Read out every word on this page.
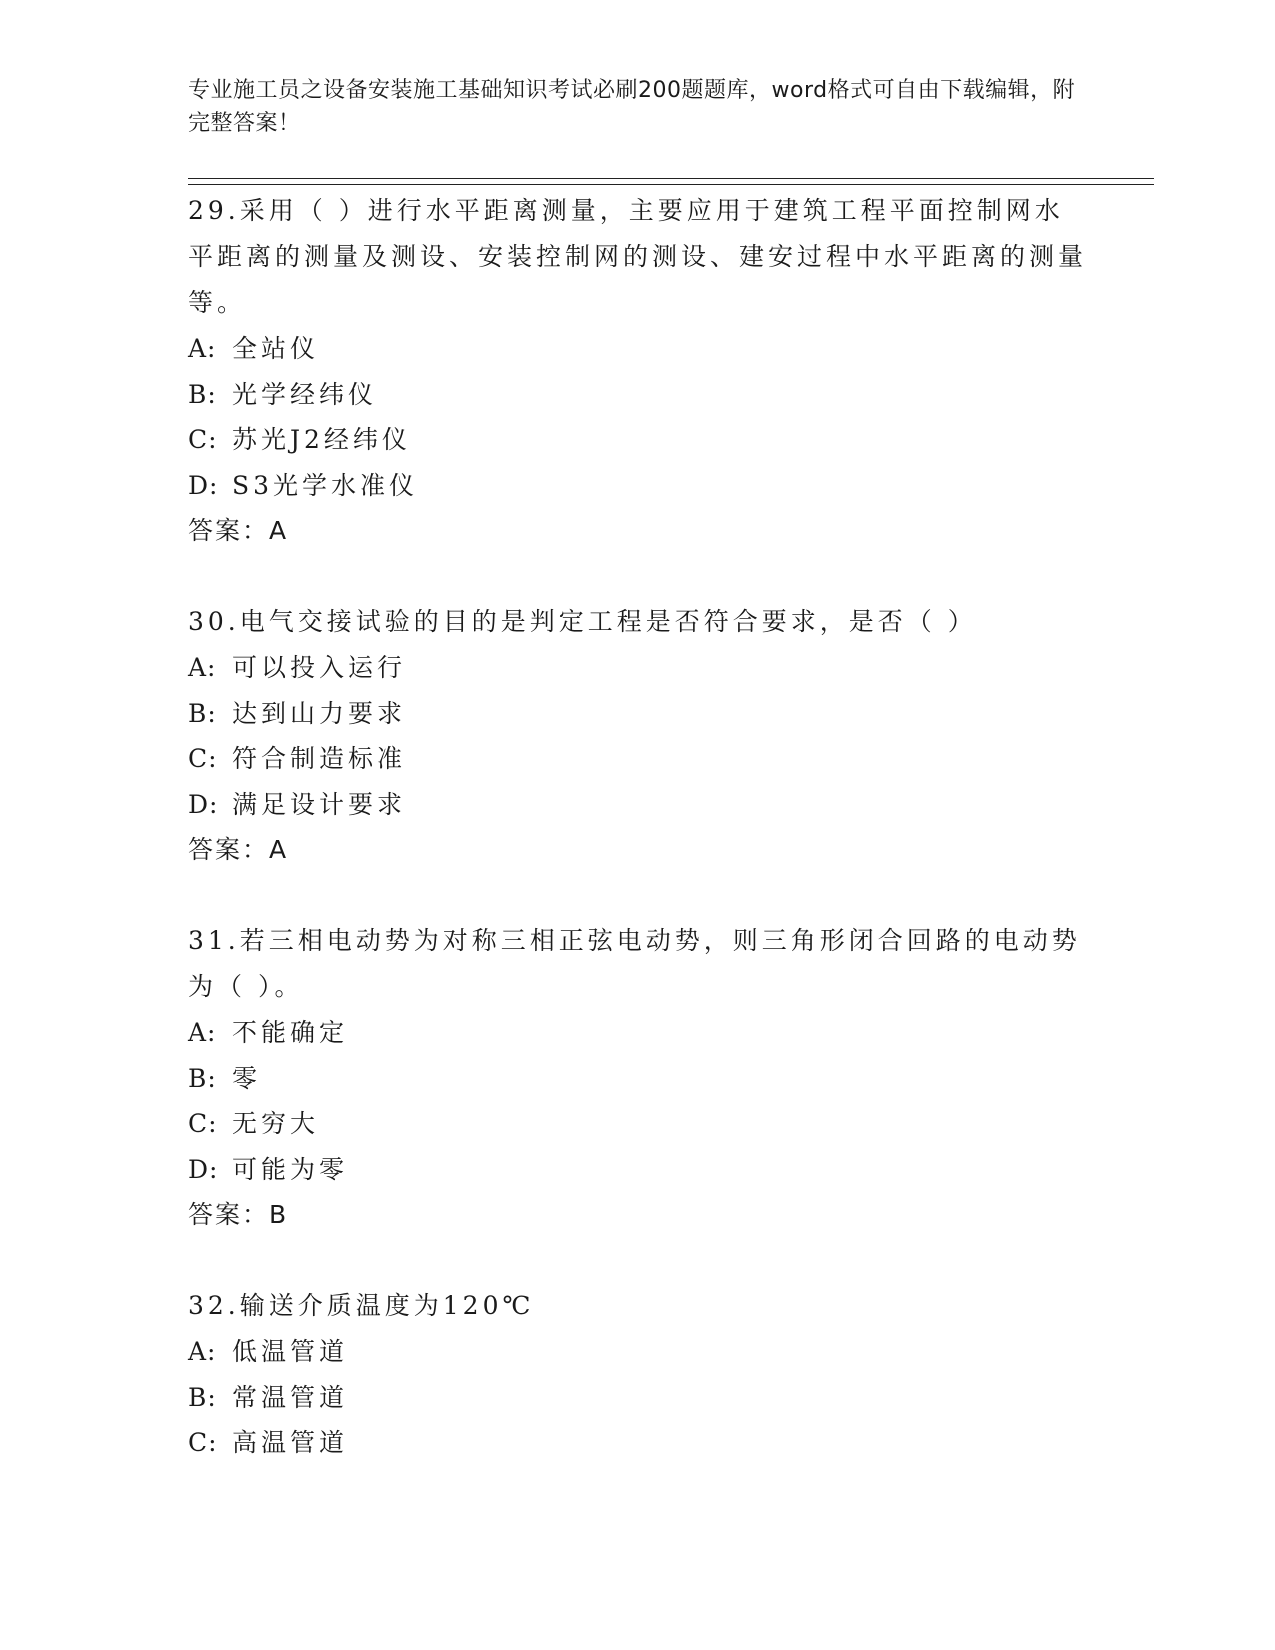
专业施工员之设备安装施工基础知识考试必刷200题题库，word格式可自由下载编辑，附完整答案！

29.采用（ ）进行水平距离测量，主要应用于建筑工程平面控制网水平距离的测量及测设、安装控制网的测设、建安过程中水平距离的测量等。

A: 全站仪

B: 光学经纬仪

C: 苏光J2经纬仪

D: S3光学水准仪

答案：A

30.电气交接试验的目的是判定工程是否符合要求，是否（ ）

A: 可以投入运行

B: 达到山力要求

C: 符合制造标准

D: 满足设计要求

答案：A

31.若三相电动势为对称三相正弦电动势，则三角形闭合回路的电动势为（ ）。

A: 不能确定

B: 零

C: 无穷大

D: 可能为零

答案：B

32.输送介质温度为120℃

A: 低温管道

B: 常温管道

C: 高温管道
